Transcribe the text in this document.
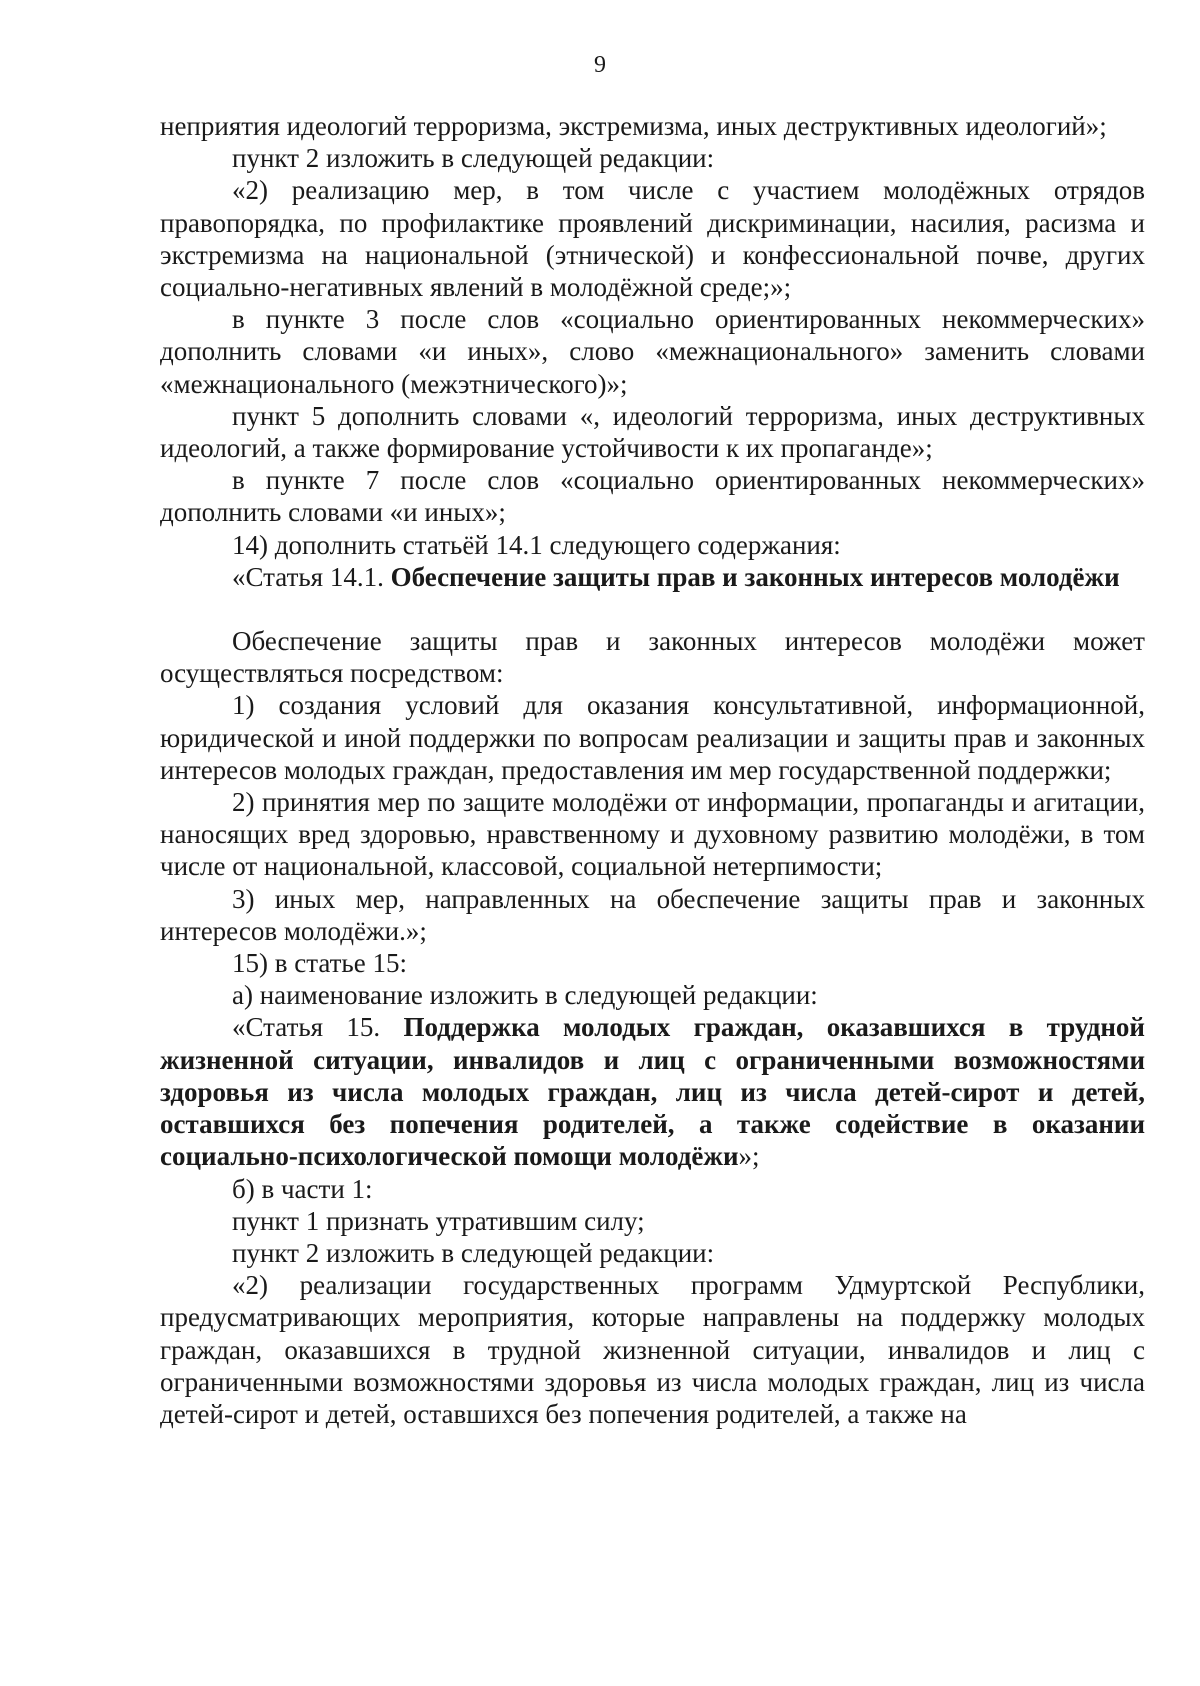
9

неприятия идеологий терроризма, экстремизма, иных деструктивных идеологий»;

пункт 2 изложить в следующей редакции:

«2) реализацию мер, в том числе с участием молодёжных отрядов правопорядка, по профилактике проявлений дискриминации, насилия, расизма и экстремизма на национальной (этнической) и конфессиональной почве, других социально-негативных явлений в молодёжной среде;»;

в пункте 3 после слов «социально ориентированных некоммерческих» дополнить словами «и иных», слово «межнационального» заменить словами «межнационального (межэтнического)»;

пункт 5 дополнить словами «, идеологий терроризма, иных деструктивных идеологий, а также формирование устойчивости к их пропаганде»;

в пункте 7 после слов «социально ориентированных некоммерческих» дополнить словами «и иных»;

14) дополнить статьёй 14.1 следующего содержания:

«Статья 14.1. Обеспечение защиты прав и законных интересов молодёжи

Обеспечение защиты прав и законных интересов молодёжи может осуществляться посредством:

1) создания условий для оказания консультативной, информационной, юридической и иной поддержки по вопросам реализации и защиты прав и законных интересов молодых граждан, предоставления им мер государственной поддержки;

2) принятия мер по защите молодёжи от информации, пропаганды и агитации, наносящих вред здоровью, нравственному и духовному развитию молодёжи, в том числе от национальной, классовой, социальной нетерпимости;

3) иных мер, направленных на обеспечение защиты прав и законных интересов молодёжи.»;

15) в статье 15:

а) наименование изложить в следующей редакции:

«Статья 15. Поддержка молодых граждан, оказавшихся в трудной жизненной ситуации, инвалидов и лиц с ограниченными возможностями здоровья из числа молодых граждан, лиц из числа детей-сирот и детей, оставшихся без попечения родителей, а также содействие в оказании социально-психологической помощи молодёжи»;

б) в части 1:

пункт 1 признать утратившим силу;

пункт 2 изложить в следующей редакции:

«2) реализации государственных программ Удмуртской Республики, предусматривающих мероприятия, которые направлены на поддержку молодых граждан, оказавшихся в трудной жизненной ситуации, инвалидов и лиц с ограниченными возможностями здоровья из числа молодых граждан, лиц из числа детей-сирот и детей, оставшихся без попечения родителей, а также на
